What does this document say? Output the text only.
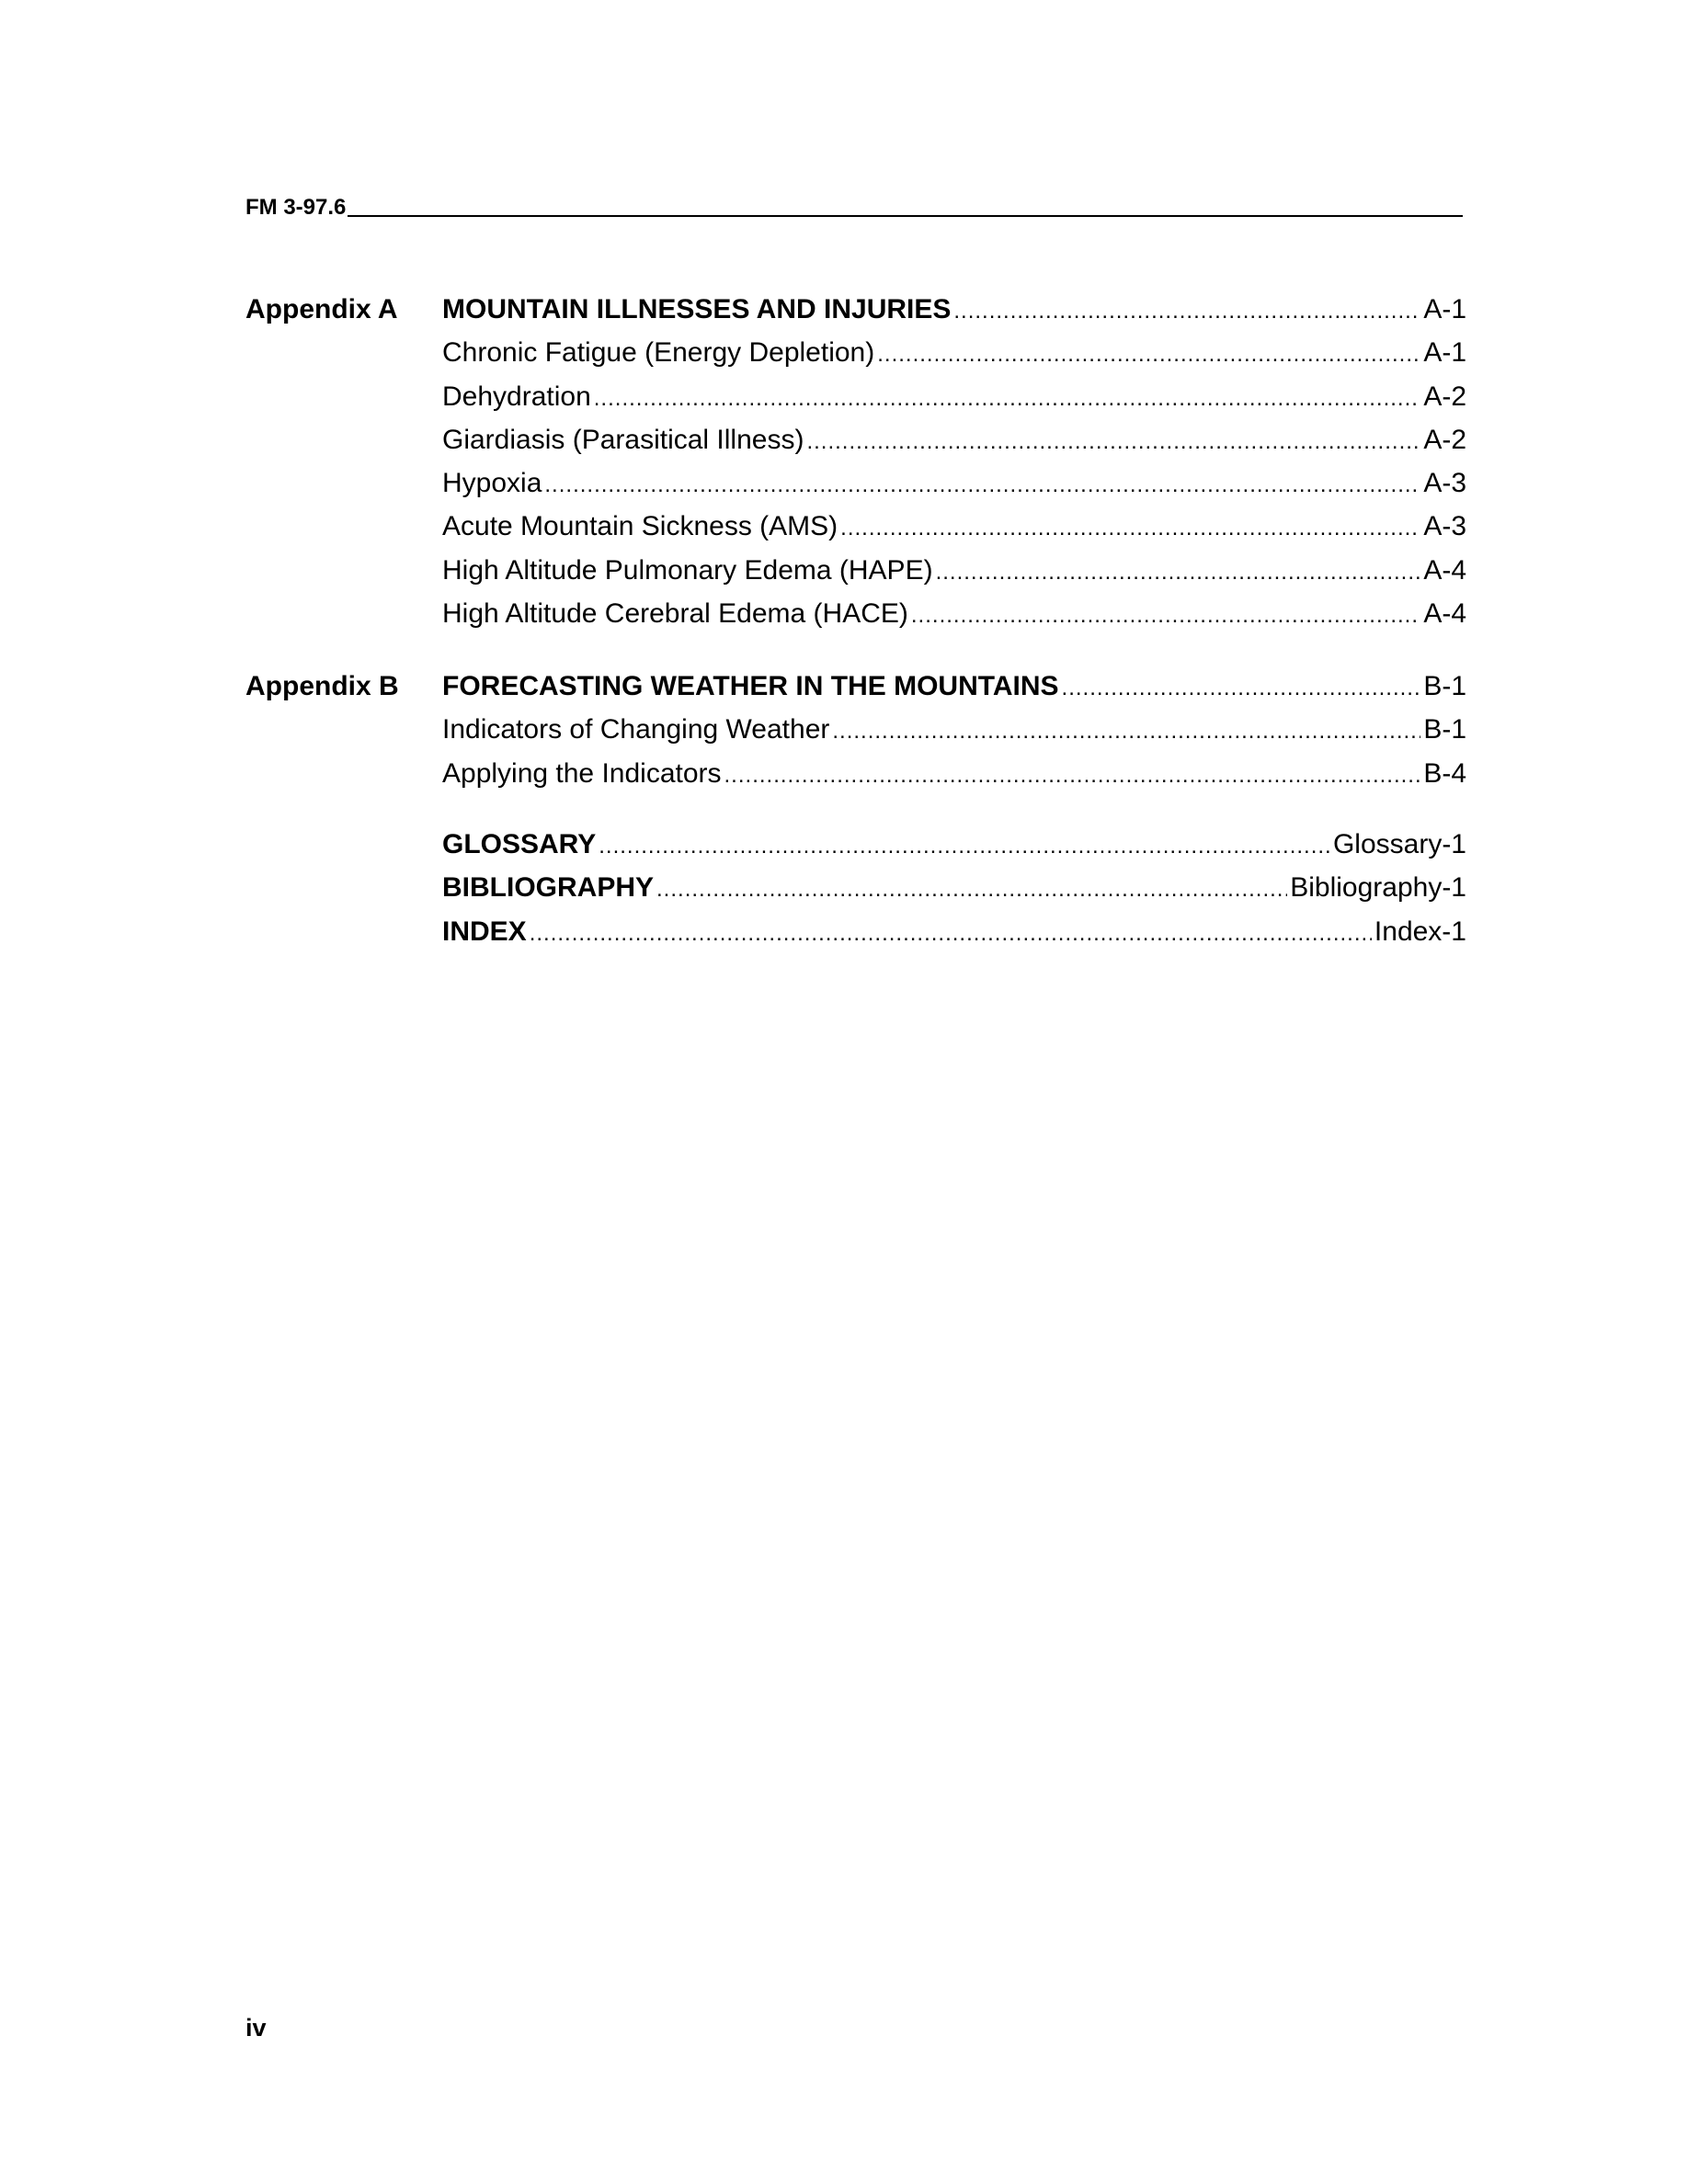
FM 3-97.6
Appendix A MOUNTAIN ILLNESSES AND INJURIES .....	A-1
Chronic Fatigue (Energy Depletion) .....	A-1
Dehydration .....	A-2
Giardiasis (Parasitical Illness) .....	A-2
Hypoxia .....	A-3
Acute Mountain Sickness (AMS) .....	A-3
High Altitude Pulmonary Edema (HAPE) .....	A-4
High Altitude Cerebral Edema (HACE) .....	A-4
Appendix B FORECASTING WEATHER IN THE MOUNTAINS .....	B-1
Indicators of Changing Weather .....	B-1
Applying the Indicators .....	B-4
GLOSSARY .....	Glossary-1
BIBLIOGRAPHY .....	Bibliography-1
INDEX .....	Index-1
iv
